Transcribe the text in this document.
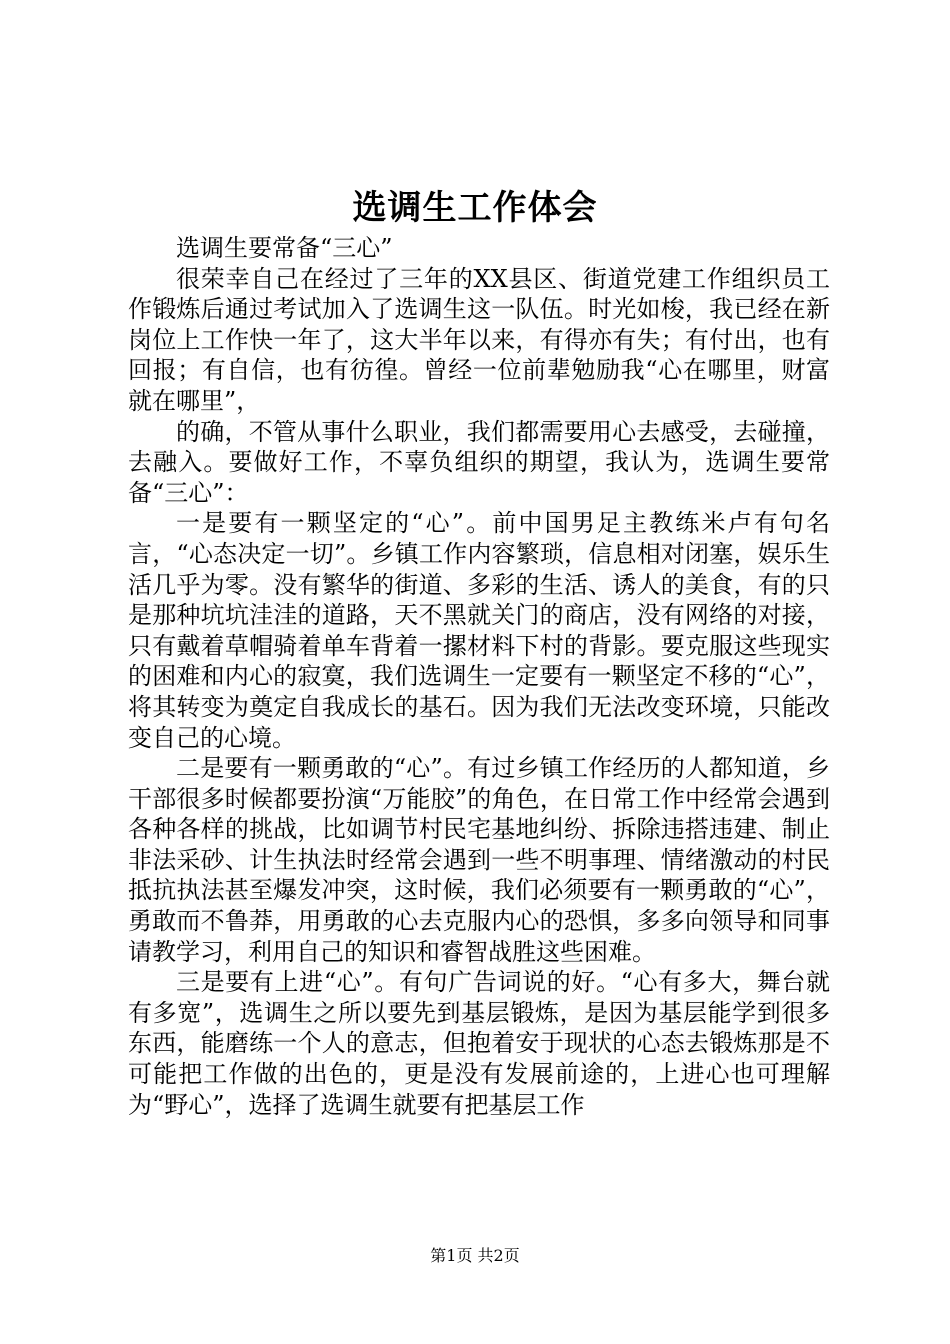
选调生工作体会

选调生要常备“三心”

很荣幸自己在经过了三年的XX县区、街道党建工作组织员工作锻炼后通过考试加入了选调生这一队伍。时光如梭，我已经在新岗位上工作快一年了，这大半年以来，有得亦有失；有付出，也有回报；有自信，也有彷徨。曾经一位前辈勉励我“心在哪里，财富就在哪里”，

的确，不管从事什么职业，我们都需要用心去感受，去碰撞，去融入。要做好工作，不辜负组织的期望，我认为，选调生要常备“三心”：

一是要有一颗坚定的“心”。前中国男足主教练米卢有句名言，“心态决定一切”。乡镇工作内容繁琐，信息相对闭塞，娱乐生活几乎为零。没有繁华的街道、多彩的生活、诱人的美食，有的只是那种坑坑洼洼的道路，天不黑就关门的商店，没有网络的对接，只有戴着草帽骑着单车背着一摞材料下村的背影。要克服这些现实的困难和内心的寂寞，我们选调生一定要有一颗坚定不移的“心”，将其转变为奠定自我成长的基石。因为我们无法改变环境，只能改变自己的心境。

二是要有一颗勇敢的“心”。有过乡镇工作经历的人都知道，乡干部很多时候都要扮演“万能胶”的角色，在日常工作中经常会遇到各种各样的挑战，比如调节村民宅基地纠纷、拆除违搭违建、制止非法采砂、计生执法时经常会遇到一些不明事理、情绪激动的村民抵抗执法甚至爆发冲突，这时候，我们必须要有一颗勇敢的“心”，勇敢而不鲁莽，用勇敢的心去克服内心的恐惧，多多向领导和同事请教学习，利用自己的知识和睿智战胜这些困难。

三是要有上进“心”。有句广告词说的好。“心有多大，舞台就有多宽”，选调生之所以要先到基层锻炼，是因为基层能学到很多东西，能磨练一个人的意志，但抱着安于现状的心态去锻炼那是不可能把工作做的出色的，更是没有发展前途的，上进心也可理解为“野心”，选择了选调生就要有把基层工作

第1页 共2页
